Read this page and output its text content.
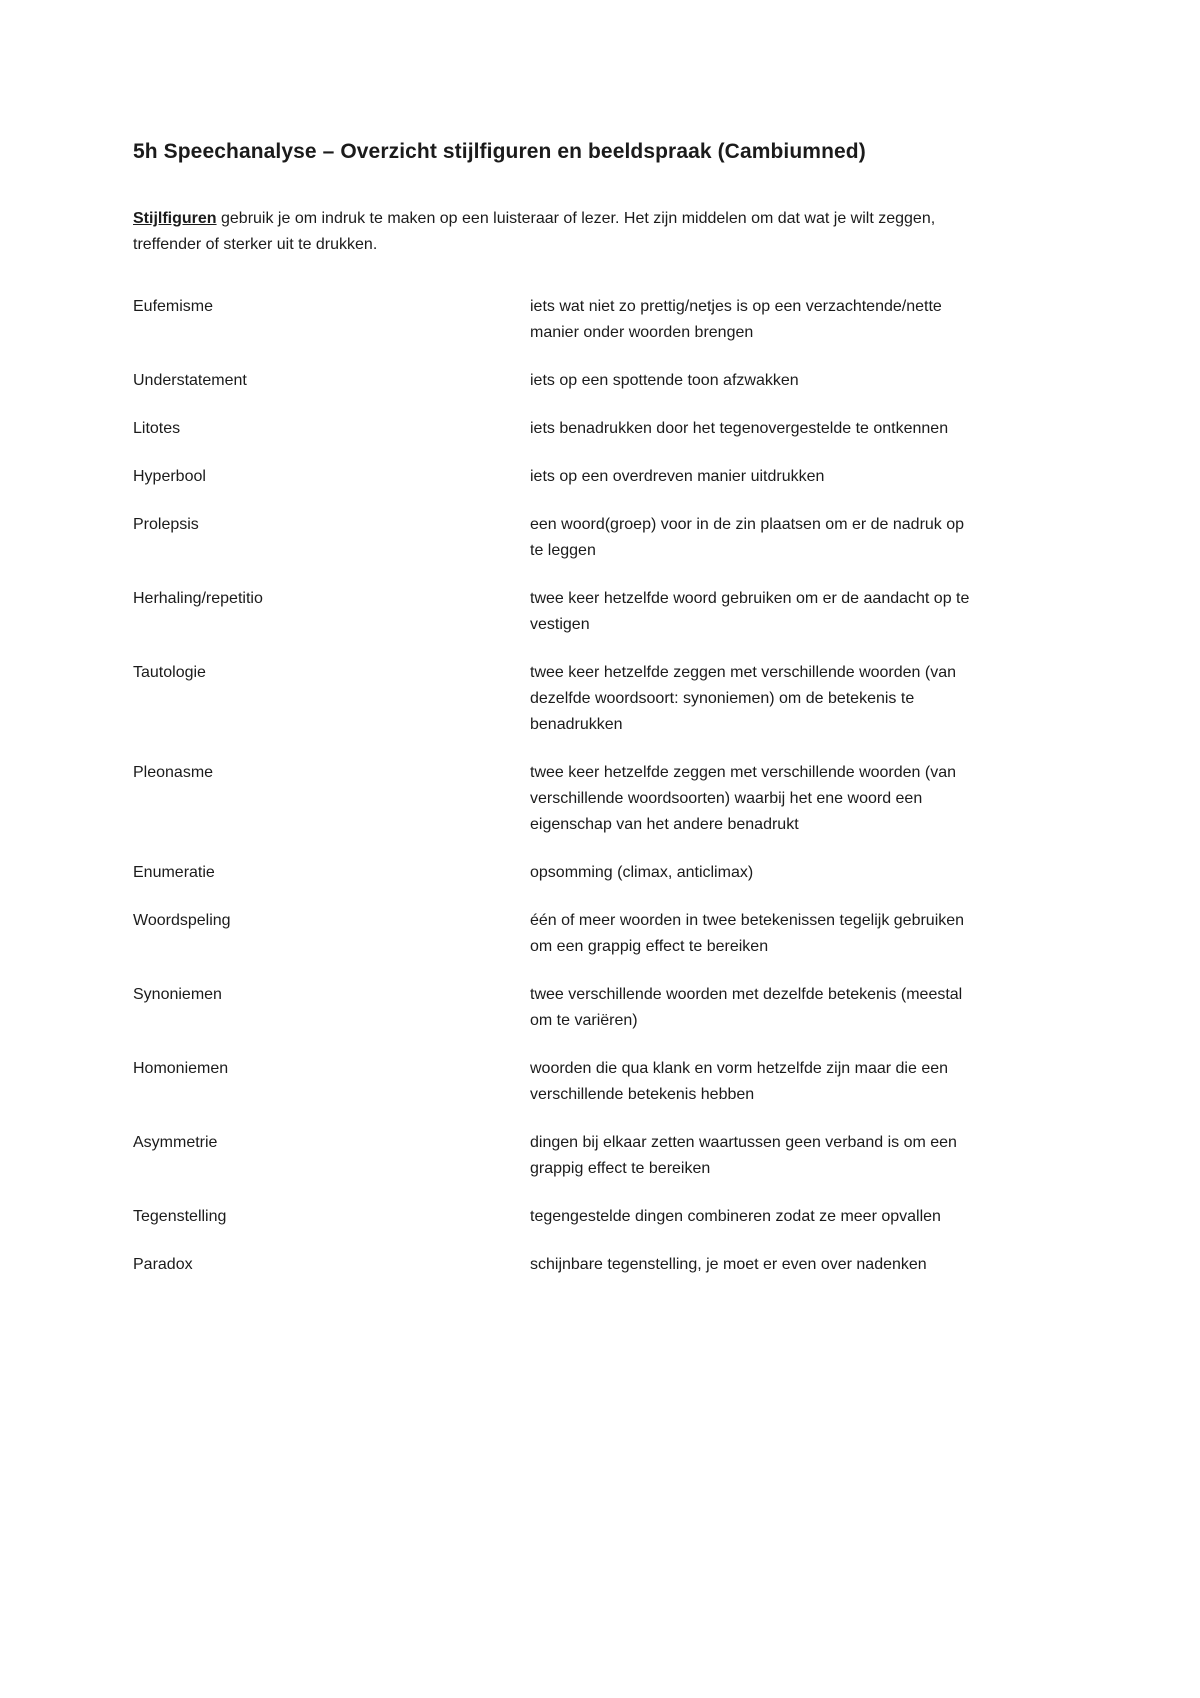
5h Speechanalyse – Overzicht stijlfiguren en beeldspraak (Cambiumned)

Stijlfiguren gebruik je om indruk te maken op een luisteraar of lezer. Het zijn middelen om dat wat je wilt zeggen, treffender of sterker uit te drukken.

Eufemisme	iets wat niet zo prettig/netjes is op een verzachtende/nette manier onder woorden brengen
Understatement	iets op een spottende toon afzwakken
Litotes	iets benadrukken door het tegenovergestelde te ontkennen
Hyperbool	iets op een overdreven manier uitdrukken
Prolepsis	een woord(groep) voor in de zin plaatsen om er de nadruk op te leggen
Herhaling/repetitio	twee keer hetzelfde woord gebruiken om er de aandacht op te vestigen
Tautologie	twee keer hetzelfde zeggen met verschillende woorden (van dezelfde woordsoort: synoniemen) om de betekenis te benadrukken
Pleonasme	twee keer hetzelfde zeggen met verschillende woorden (van verschillende woordsoorten) waarbij het ene woord een eigenschap van het andere benadrukt
Enumeratie	opsomming (climax, anticlimax)
Woordspeling	één of meer woorden in twee betekenissen tegelijk gebruiken om een grappig effect te bereiken
Synoniemen	twee verschillende woorden met dezelfde betekenis (meestal om te variëren)
Homoniemen	woorden die qua klank en vorm hetzelfde zijn maar die een verschillende betekenis hebben
Asymmetrie	dingen bij elkaar zetten waartussen geen verband is om een grappig effect te bereiken
Tegenstelling	tegengestelde dingen combineren zodat ze meer opvallen
Paradox	schijnbare tegenstelling, je moet er even over nadenken
